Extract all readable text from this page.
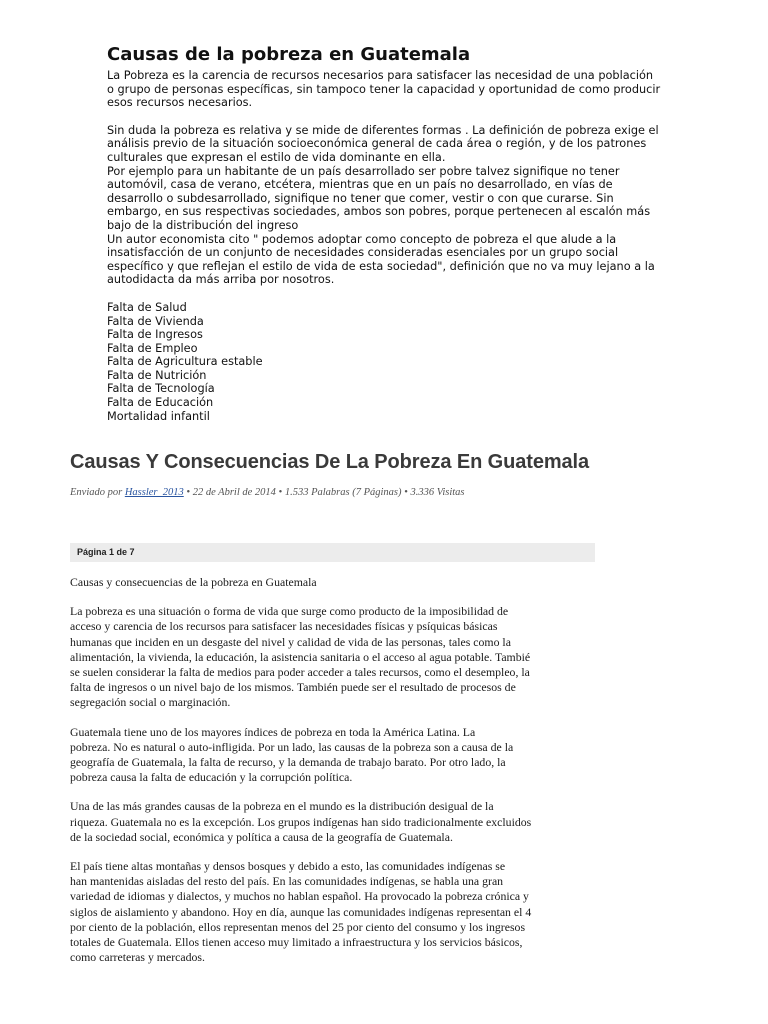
Causas de la pobreza en Guatemala

La Pobreza es la carencia de recursos necesarios para satisfacer las necesidad de una población
o grupo de personas específicas, sin tampoco tener la capacidad y oportunidad de como producir
esos recursos necesarios.

Sin duda la pobreza es relativa y se mide de diferentes formas . La definición de pobreza exige el
análisis previo de la situación socioeconómica general de cada área o región, y de los patrones
culturales que expresan el estilo de vida dominante en ella.
Por ejemplo para un habitante de un país desarrollado ser pobre talvez signifique no tener
automóvil, casa de verano, etcétera, mientras que en un país no desarrollado, en vías de
desarrollo o subdesarrollado, signifique no tener que comer, vestir o con que curarse. Sin
embargo, en sus respectivas sociedades, ambos son pobres, porque pertenecen al escalón más
bajo de la distribución del ingreso
Un autor economista cito " podemos adoptar como concepto de pobreza el que alude a la
insatisfacción de un conjunto de necesidades consideradas esenciales por un grupo social
específico y que reflejan el estilo de vida de esta sociedad", definición que no va muy lejano a la
autodidacta da más arriba por nosotros.

Falta de Salud
Falta de Vivienda
Falta de Ingresos
Falta de Empleo
Falta de Agricultura estable
Falta de Nutrición
Falta de Tecnología
Falta de Educación
Mortalidad infantil
Causas Y Consecuencias De La Pobreza En Guatemala
Enviado por Hassler_2013 • 22 de Abril de 2014 • 1.533 Palabras (7 Páginas) • 3.336 Visitas
Página 1 de 7
Causas y consecuencias de la pobreza en Guatemala

La pobreza es una situación o forma de vida que surge como producto de la imposibilidad de
acceso y carencia de los recursos para satisfacer las necesidades físicas y psíquicas básicas
humanas que inciden en un desgaste del nivel y calidad de vida de las personas, tales como la
alimentación, la vivienda, la educación, la asistencia sanitaria o el acceso al agua potable. Tambié
se suelen considerar la falta de medios para poder acceder a tales recursos, como el desempleo, la
falta de ingresos o un nivel bajo de los mismos. También puede ser el resultado de procesos de
segregación social o marginación.

Guatemala tiene uno de los mayores índices de pobreza en toda la América Latina. La
pobreza. No es natural o auto-infligida. Por un lado, las causas de la pobreza son a causa de la
geografía de Guatemala, la falta de recurso, y la demanda de trabajo barato. Por otro lado, la
pobreza causa la falta de educación y la corrupción política.

Una de las más grandes causas de la pobreza en el mundo es la distribución desigual de la
riqueza. Guatemala no es la excepción. Los grupos indígenas han sido tradicionalmente excluidos
de la sociedad social, económica y política a causa de la geografía de Guatemala.

El país tiene altas montañas y densos bosques y debido a esto, las comunidades indígenas se
han mantenidas aisladas del resto del país. En las comunidades indígenas, se habla una gran
variedad de idiomas y dialectos, y muchos no hablan español. Ha provocado la pobreza crónica y
siglos de aislamiento y abandono. Hoy en día, aunque las comunidades indígenas representan el 4
por ciento de la población, ellos representan menos del 25 por ciento del consumo y los ingresos
totales de Guatemala. Ellos tienen acceso muy limitado a infraestructura y los servicios básicos,
como carreteras y mercados.
